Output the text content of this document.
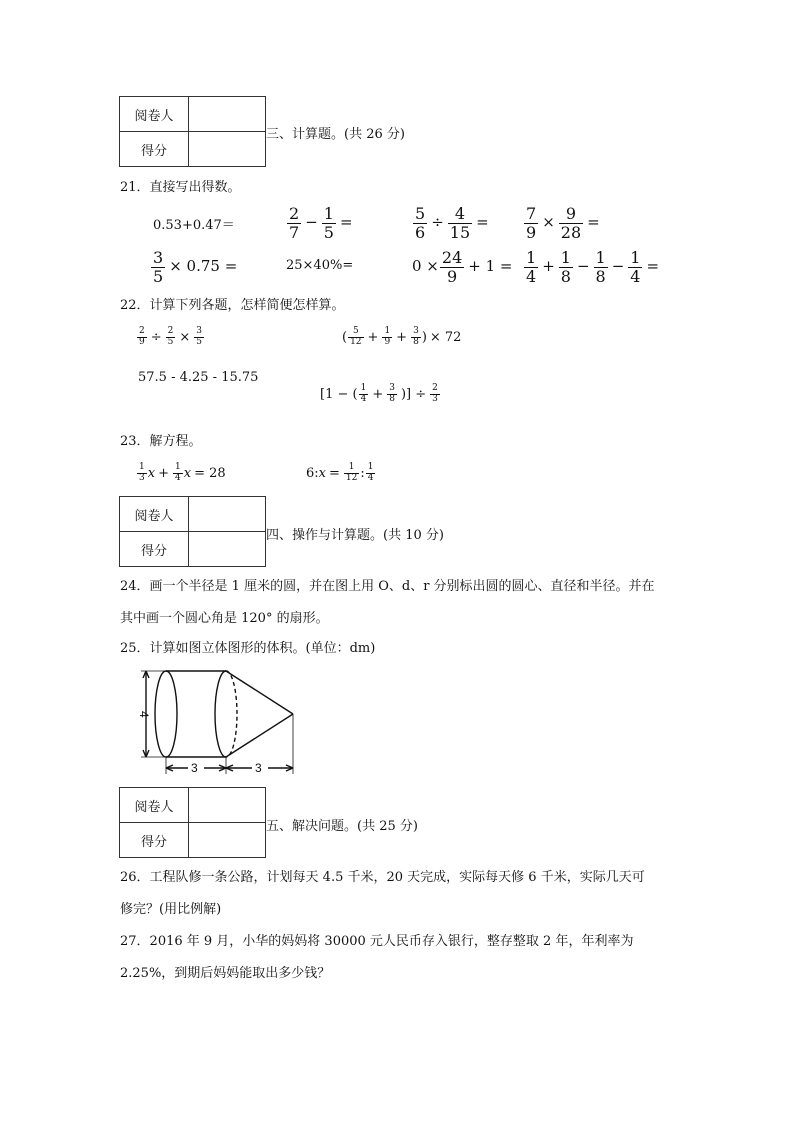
阅卷人	
得分	
三、计算题。(共 26 分)
21．直接写出得数。
0.53+0.47＝	$\frac{2}{7} - \frac{1}{5}$ =	$\frac{5}{6} \div \frac{4}{15} = \frac{7}{9} \times \frac{9}{28}$ =
$\frac{3}{5} \times 0.75$ =	25×40%=	$0 \times \frac{24}{9} + 1 = \frac{1}{4} + \frac{1}{8} - \frac{1}{8} - \frac{1}{4}$ =
22．计算下列各题，怎样简便怎样算。
$\frac{2}{9} \div \frac{2}{5} \times \frac{3}{5}$	( $\frac{5}{12} + \frac{1}{9} + \frac{3}{8}$ ) × 72
57.5 - 4.25 - 15.75
[1 − ( $\frac{1}{4} + \frac{3}{8}$ )] ÷ $\frac{2}{3}$
23．解方程。
$\frac{1}{3}$ $x + \frac{1}{4}$ x = 28	6:x = $\frac{1}{12}$ : $\frac{1}{4}$
阅卷人	
得分	
四、操作与计算题。(共 10 分)
24．画一个半径是 1 厘米的圆，并在图上用 O、d、r 分别标出圆的圆心、直径和半径。并在
其中画一个圆心角是 120° 的扇形。
25．计算如图立体图形的体积。(单位：dm)
4
3	3
阅卷人	
得分	
五、解决问题。(共 25 分)
26．工程队修一条公路，计划每天 4.5 千米，20 天完成，实际每天修 6 千米，实际几天可
修完？(用比例解)
27．2016 年 9 月，小华的妈妈将 30000 元人民币存入银行，整存整取 2 年，年利率为
2.25%，到期后妈妈能取出多少钱？
